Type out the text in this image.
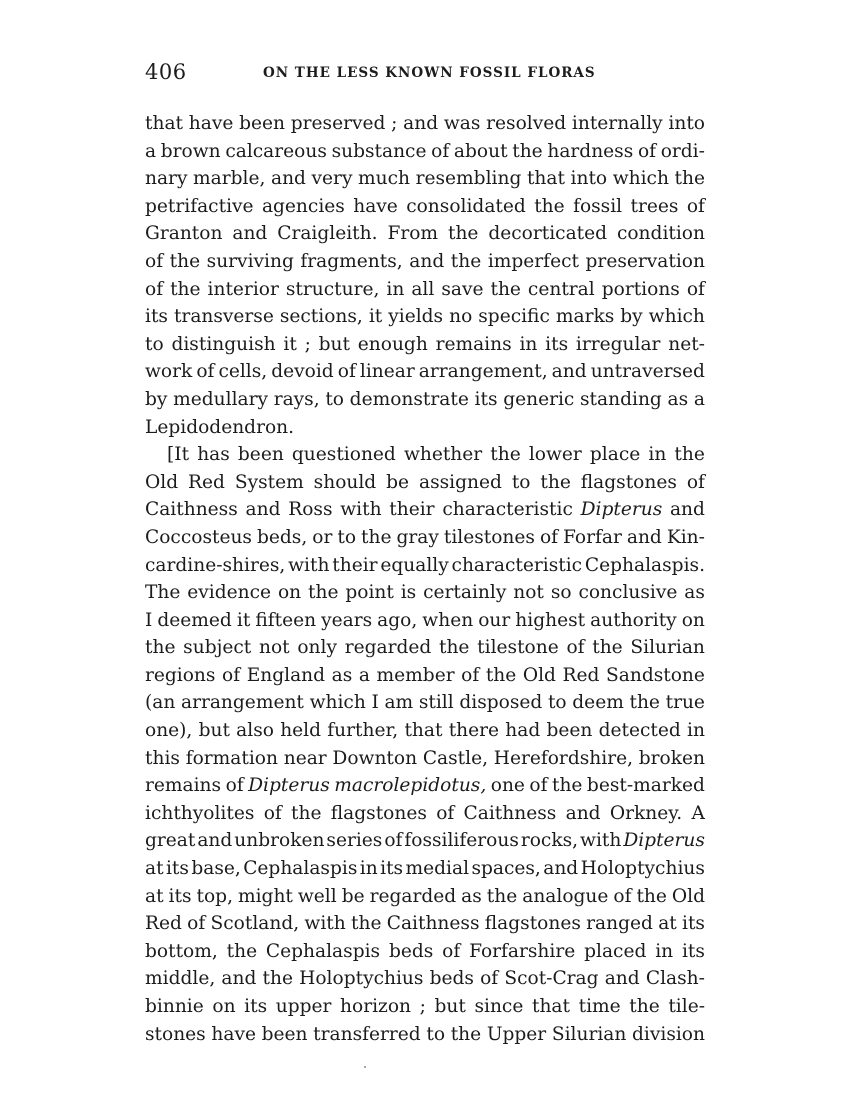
406	ON THE LESS KNOWN FOSSIL FLORAS
that have been preserved ; and was resolved internally into
a brown calcareous substance of about the hardness of ordi-
nary marble, and very much resembling that into which the
petrifactive agencies have consolidated the fossil trees of
Granton and Craigleith. From the decorticated condition
of the surviving fragments, and the imperfect preservation
of the interior structure, in all save the central portions of
its transverse sections, it yields no specific marks by which
to distinguish it ; but enough remains in its irregular net-
work of cells, devoid of linear arrangement, and untraversed
by medullary rays, to demonstrate its generic standing as a
Lepidodendron.
[It has been questioned whether the lower place in the
Old Red System should be assigned to the flagstones of
Caithness and Ross with their characteristic Dipterus and
Coccosteus beds, or to the gray tilestones of Forfar and Kin-
cardine-shires, with their equally characteristic Cephalaspis.
The evidence on the point is certainly not so conclusive as
I deemed it fifteen years ago, when our highest authority on
the subject not only regarded the tilestone of the Silurian
regions of England as a member of the Old Red Sandstone
(an arrangement which I am still disposed to deem the true
one), but also held further, that there had been detected in
this formation near Downton Castle, Herefordshire, broken
remains of Dipterus macrolepidotus, one of the best-marked
ichthyolites of the flagstones of Caithness and Orkney. A
great and unbroken series of fossiliferous rocks, with Dipterus
at its base, Cephalaspis in its medial spaces, and Holoptychius
at its top, might well be regarded as the analogue of the Old
Red of Scotland, with the Caithness flagstones ranged at its
bottom, the Cephalaspis beds of Forfarshire placed in its
middle, and the Holoptychius beds of Scot-Crag and Clash-
binnie on its upper horizon ; but since that time the tile-
stones have been transferred to the Upper Silurian division
